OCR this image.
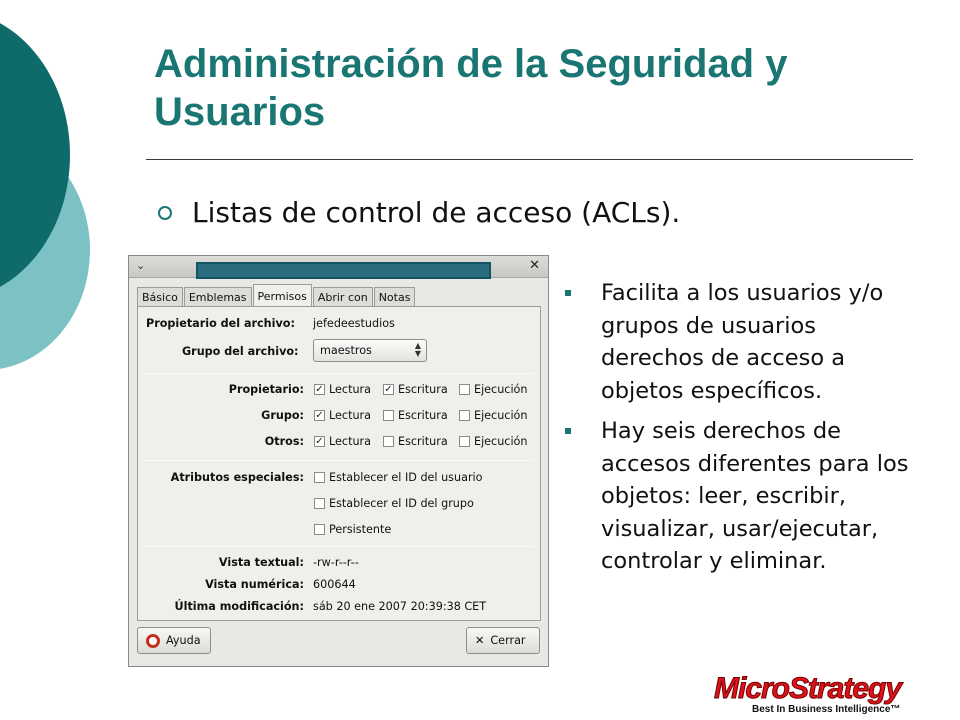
Administración de la Seguridad y Usuarios
Listas de control de acceso (ACLs).
⌄	✕
Básico	Emblemas	Permisos	Abrir con	Notas
Propietario del archivo: jefedeestudios
Grupo del archivo:	maestros	▲
▼
Propietario: ✓ Lectura ✓ Escritura Ejecución
Grupo: ✓ Lectura Escritura Ejecución
Otros: ✓ Lectura Escritura Ejecución
Atributos especiales: Establecer el ID del usuario
Establecer el ID del grupo
Persistente
Vista textual: -rw-r--r--
Vista numérica: 600644
Última modificación: sáb 20 ene 2007 20:39:38 CET
Ayuda	✕ Cerrar
Facilita a los usuarios y/o grupos de usuarios derechos de acceso a objetos específicos.
Hay seis derechos de accesos diferentes para los objetos: leer, escribir, visualizar, usar/ejecutar, controlar y eliminar.
MicroStrategy
Best In Business Intelligence™
